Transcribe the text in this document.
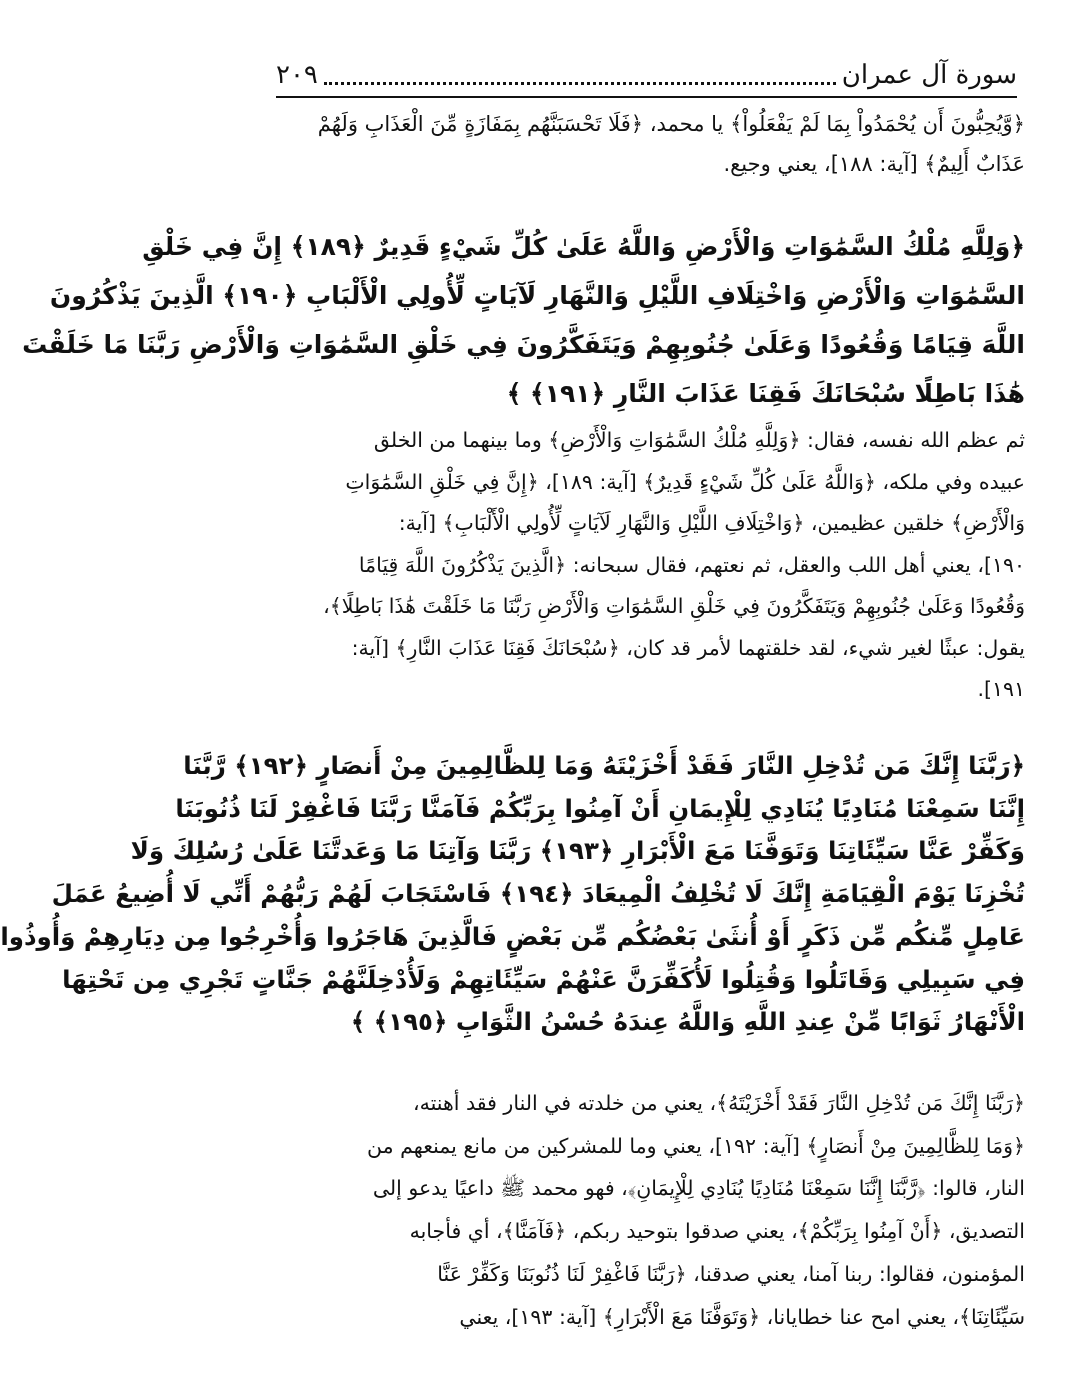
سورة آل عمران
٢٠٩
﴿وَّيُحِبُّونَ أَن يُحْمَدُواْ بِمَا لَمْ يَفْعَلُواْ﴾ يا محمد، ﴿فَلَا تَحْسَبَنَّهُم بِمَفَازَةٍ مِّنَ الْعَذَابِ وَلَهُمْ
عَذَابٌ أَلِيمٌ﴾ [آية: ١٨٨]، يعني وجيع.
﴿وَلِلَّهِ مُلْكُ السَّمَٰوَاتِ وَالْأَرْضِ وَاللَّهُ عَلَىٰ كُلِّ شَيْءٍ قَدِيرٌ ﴿١٨٩﴾ إِنَّ فِي خَلْقِ
السَّمَٰوَاتِ وَالْأَرْضِ وَاخْتِلَافِ اللَّيْلِ وَالنَّهَارِ لَآيَاتٍ لِّأُولِي الْأَلْبَابِ ﴿١٩٠﴾ الَّذِينَ يَذْكُرُونَ
اللَّهَ قِيَامًا وَقُعُودًا وَعَلَىٰ جُنُوبِهِمْ وَيَتَفَكَّرُونَ فِي خَلْقِ السَّمَٰوَاتِ وَالْأَرْضِ رَبَّنَا مَا خَلَقْتَ
هَٰذَا بَاطِلًا سُبْحَانَكَ فَقِنَا عَذَابَ النَّارِ ﴿١٩١﴾ ﴾
ثم عظم الله نفسه، فقال: ﴿وَلِلَّهِ مُلْكُ السَّمَٰوَاتِ وَالْأَرْضِ﴾ وما بينهما من الخلق
عبيده وفي ملكه، ﴿وَاللَّهُ عَلَىٰ كُلِّ شَيْءٍ قَدِيرٌ﴾ [آية: ١٨٩]، ﴿إِنَّ فِي خَلْقِ السَّمَٰوَاتِ
وَالْأَرْضِ﴾ خلقين عظيمين، ﴿وَاخْتِلَافِ اللَّيْلِ وَالنَّهَارِ لَآيَاتٍ لِّأُولِي الْأَلْبَابِ﴾ [آية:
١٩٠]، يعني أهل اللب والعقل، ثم نعتهم، فقال سبحانه: ﴿الَّذِينَ يَذْكُرُونَ اللَّهَ قِيَامًا
وَقُعُودًا وَعَلَىٰ جُنُوبِهِمْ وَيَتَفَكَّرُونَ فِي خَلْقِ السَّمَٰوَاتِ وَالْأَرْضِ رَبَّنَا مَا خَلَقْتَ هَٰذَا بَاطِلًا﴾،
يقول: عبثًا لغير شيء، لقد خلقتهما لأمر قد كان، ﴿سُبْحَانَكَ فَقِنَا عَذَابَ النَّارِ﴾ [آية:
١٩١].
﴿رَبَّنَا إِنَّكَ مَن تُدْخِلِ النَّارَ فَقَدْ أَخْزَيْتَهُ وَمَا لِلظَّالِمِينَ مِنْ أَنصَارٍ ﴿١٩٢﴾ رَّبَّنَا
إِنَّنَا سَمِعْنَا مُنَادِيًا يُنَادِي لِلْإِيمَانِ أَنْ آمِنُوا بِرَبِّكُمْ فَآمَنَّا رَبَّنَا فَاغْفِرْ لَنَا ذُنُوبَنَا
وَكَفِّرْ عَنَّا سَيِّئَاتِنَا وَتَوَفَّنَا مَعَ الْأَبْرَارِ ﴿١٩٣﴾ رَبَّنَا وَآتِنَا مَا وَعَدتَّنَا عَلَىٰ رُسُلِكَ وَلَا
تُخْزِنَا يَوْمَ الْقِيَامَةِ إِنَّكَ لَا تُخْلِفُ الْمِيعَادَ ﴿١٩٤﴾ فَاسْتَجَابَ لَهُمْ رَبُّهُمْ أَنِّي لَا أُضِيعُ عَمَلَ
عَامِلٍ مِّنكُم مِّن ذَكَرٍ أَوْ أُنثَىٰ بَعْضُكُم مِّن بَعْضٍ فَالَّذِينَ هَاجَرُوا وَأُخْرِجُوا مِن دِيَارِهِمْ وَأُوذُوا
فِي سَبِيلِي وَقَاتَلُوا وَقُتِلُوا لَأُكَفِّرَنَّ عَنْهُمْ سَيِّئَاتِهِمْ وَلَأُدْخِلَنَّهُمْ جَنَّاتٍ تَجْرِي مِن تَحْتِهَا
الْأَنْهَارُ ثَوَابًا مِّنْ عِندِ اللَّهِ وَاللَّهُ عِندَهُ حُسْنُ الثَّوَابِ ﴿١٩٥﴾ ﴾
﴿رَبَّنَا إِنَّكَ مَن تُدْخِلِ النَّارَ فَقَدْ أَخْزَيْتَهُ﴾، يعني من خلدته في النار فقد أهنته،
﴿وَمَا لِلظَّالِمِينَ مِنْ أَنصَارٍ﴾ [آية: ١٩٢]، يعني وما للمشركين من مانع يمنعهم من
النار، قالوا: ﴿رَّبَّنَا إِنَّنَا سَمِعْنَا مُنَادِيًا يُنَادِي لِلْإِيمَانِ﴾، فهو محمد ﷺ داعيًا يدعو إلى
التصديق، ﴿أَنْ آمِنُوا بِرَبِّكُمْ﴾، يعني صدقوا بتوحيد ربكم، ﴿فَآمَنَّا﴾، أي فأجابه
المؤمنون، فقالوا: ربنا آمنا، يعني صدقنا، ﴿رَبَّنَا فَاغْفِرْ لَنَا ذُنُوبَنَا وَكَفِّرْ عَنَّا
سَيِّئَاتِنَا﴾، يعني امح عنا خطايانا، ﴿وَتَوَفَّنَا مَعَ الْأَبْرَارِ﴾ [آية: ١٩٣]، يعني
